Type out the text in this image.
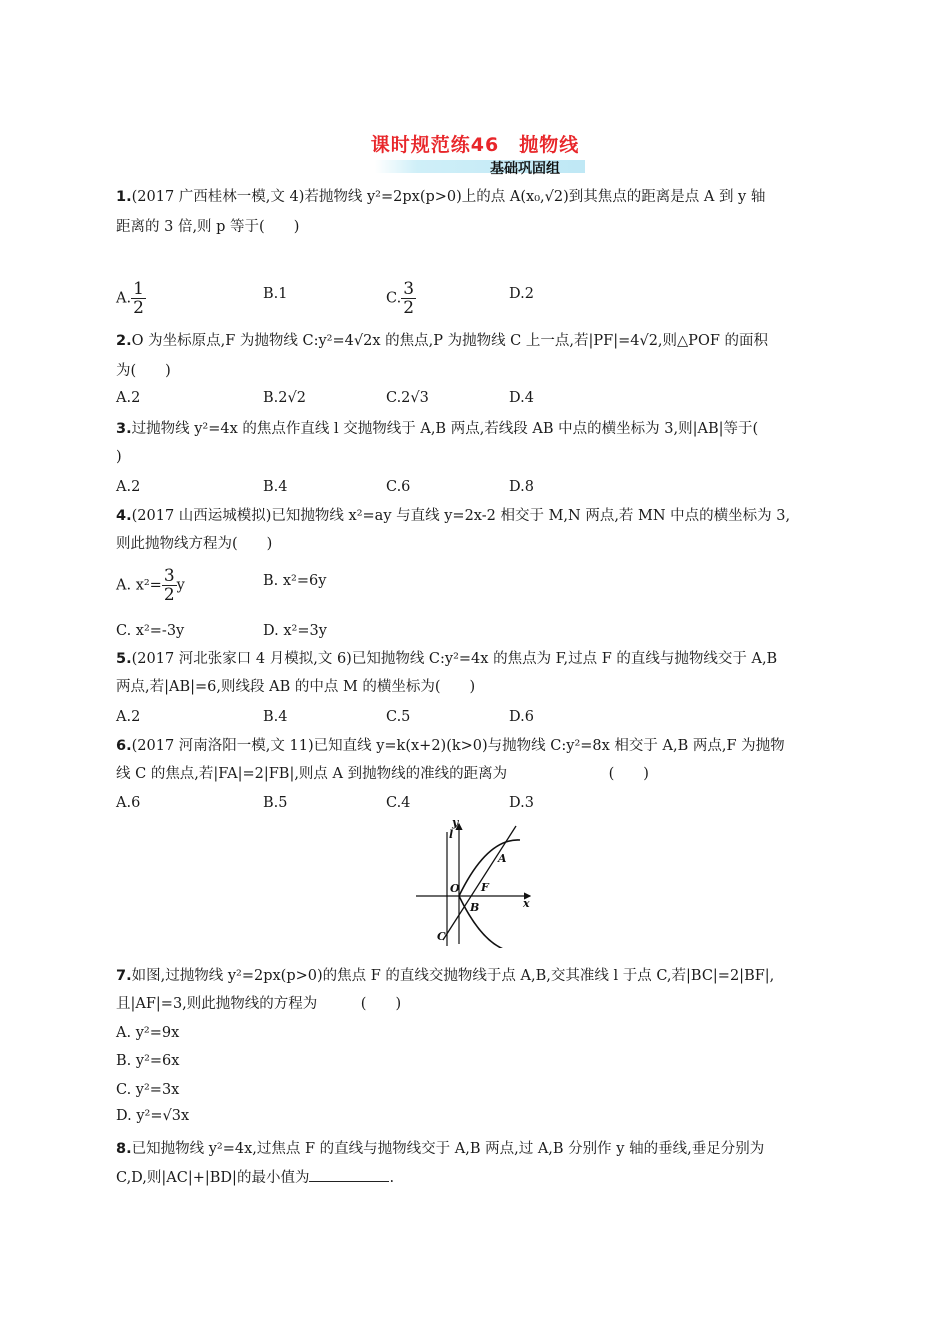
课时规范练46　抛物线
基础巩固组
1.(2017 广西桂林一模,文 4)若抛物线 y²=2px(p>0)上的点 A(x₀,√2)到其焦点的距离是点 A 到 y 轴
距离的 3 倍,则 p 等于(　　)
A. $\frac{1}{2}$	B.1	C. $\frac{3}{2}$	D.2
2.O 为坐标原点,F 为抛物线 C:y²=4√2x 的焦点,P 为抛物线 C 上一点,若|PF|=4√2,则△POF 的面积
为(　　)
A.2	B.2√2	C.2√3	D.4
3.过抛物线 y²=4x 的焦点作直线 l 交抛物线于 A,B 两点,若线段 AB 中点的横坐标为 3,则|AB|等于(
)
A.2	B.4	C.6	D.8
4.(2017 山西运城模拟)已知抛物线 x²=ay 与直线 y=2x-2 相交于 M,N 两点,若 MN 中点的横坐标为 3,
则此抛物线方程为(　　)
A. $x^2= \frac{3}{2}$ y	B. x²=6y
C. x²=-3y	D. x²=3y
5.(2017 河北张家口 4 月模拟,文 6)已知抛物线 C:y²=4x 的焦点为 F,过点 F 的直线与抛物线交于 A,B
两点,若|AB|=6,则线段 AB 的中点 M 的横坐标为(　　)
A.2	B.4	C.5	D.6
6.(2017 河南洛阳一模,文 11)已知直线 y=k(x+2)(k>0)与抛物线 C:y²=8x 相交于 A,B 两点,F 为抛物
线 C 的焦点,若|FA|=2|FB|,则点 A 到抛物线的准线的距离为　　　　　　　(　　)
A.6	B.5	C.4	D.3
y
l
A
O F
B	x
C
7.如图,过抛物线 y²=2px(p>0)的焦点 F 的直线交抛物线于点 A,B,交其准线 l 于点 C,若|BC|=2|BF|,
且|AF|=3,则此抛物线的方程为　　　(　　)
A. y²=9x
B. y²=6x
C. y²=3x
D. y²=√3x
8.已知抛物线 y²=4x,过焦点 F 的直线与抛物线交于 A,B 两点,过 A,B 分别作 y 轴的垂线,垂足分别为
C,D,则|AC|+|BD|的最小值为	.
